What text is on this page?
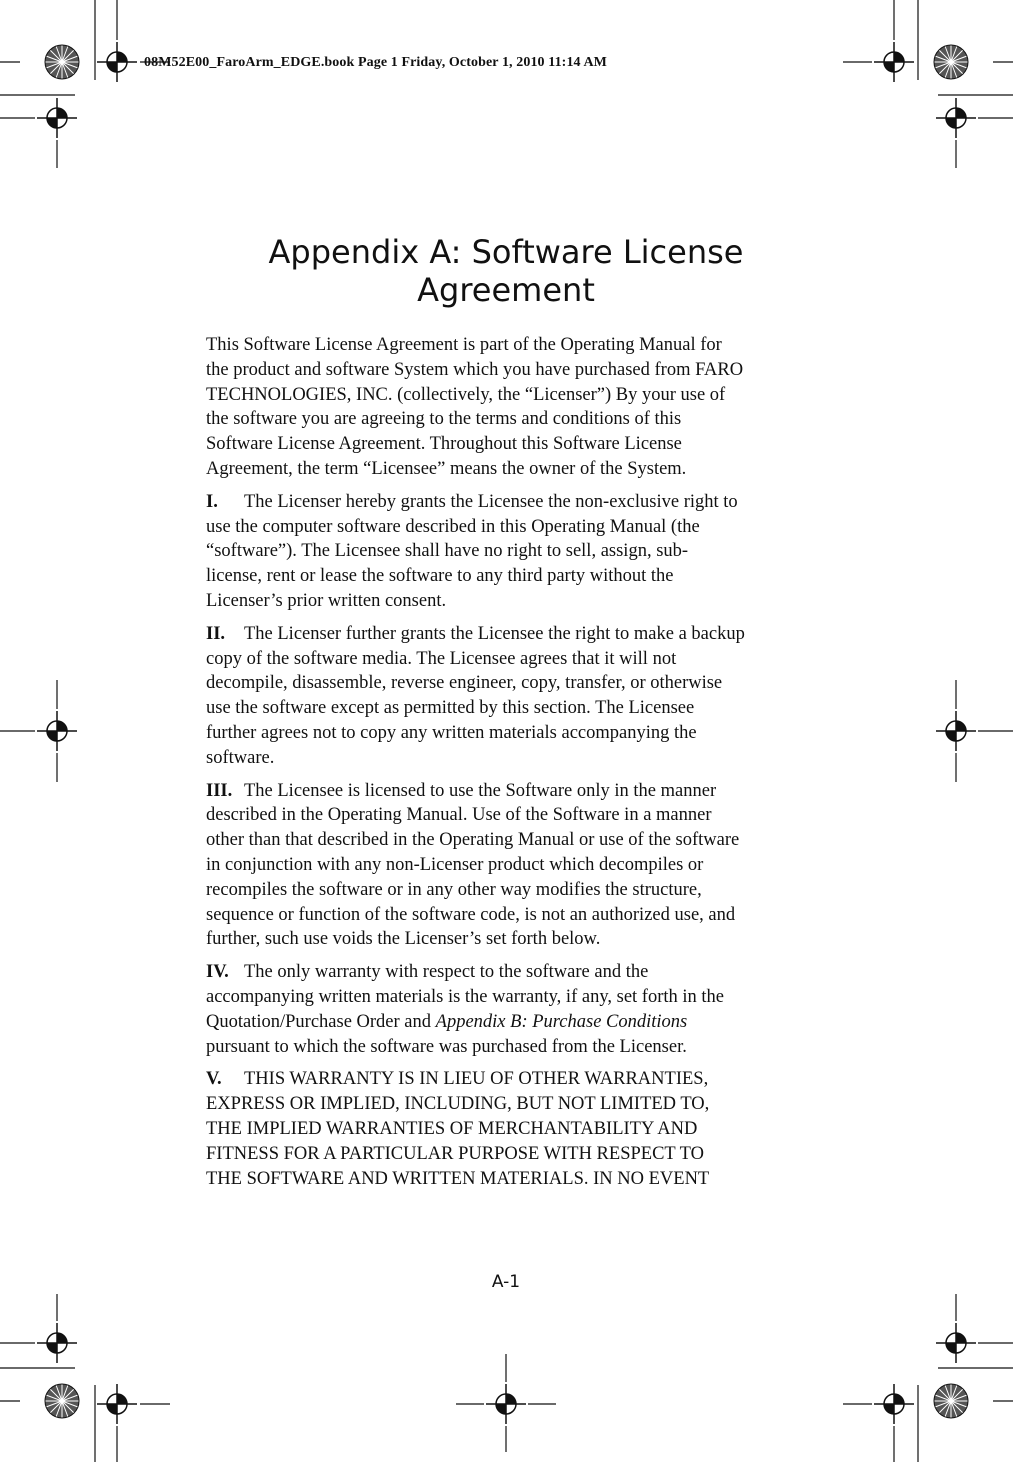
08M52E00_FaroArm_EDGE.book Page 1 Friday, October 1, 2010 11:14 AM
Appendix A: Software License
Agreement

This Software License Agreement is part of the Operating Manual for
the product and software System which you have purchased from FARO
TECHNOLOGIES, INC. (collectively, the “Licenser”) By your use of
the software you are agreeing to the terms and conditions of this
Software License Agreement. Throughout this Software License
Agreement, the term “Licensee” means the owner of the System.

I. The Licenser hereby grants the Licensee the non-exclusive right to
use the computer software described in this Operating Manual (the
“software”). The Licensee shall have no right to sell, assign, sub-
license, rent or lease the software to any third party without the
Licenser’s prior written consent.

II. The Licenser further grants the Licensee the right to make a backup
copy of the software media. The Licensee agrees that it will not
decompile, disassemble, reverse engineer, copy, transfer, or otherwise
use the software except as permitted by this section. The Licensee
further agrees not to copy any written materials accompanying the
software.

III. The Licensee is licensed to use the Software only in the manner
described in the Operating Manual. Use of the Software in a manner
other than that described in the Operating Manual or use of the software
in conjunction with any non-Licenser product which decompiles or
recompiles the software or in any other way modifies the structure,
sequence or function of the software code, is not an authorized use, and
further, such use voids the Licenser’s set forth below.

IV. The only warranty with respect to the software and the
accompanying written materials is the warranty, if any, set forth in the
Quotation/Purchase Order and Appendix B: Purchase Conditions
pursuant to which the software was purchased from the Licenser.

V. THIS WARRANTY IS IN LIEU OF OTHER WARRANTIES,
EXPRESS OR IMPLIED, INCLUDING, BUT NOT LIMITED TO,
THE IMPLIED WARRANTIES OF MERCHANTABILITY AND
FITNESS FOR A PARTICULAR PURPOSE WITH RESPECT TO
THE SOFTWARE AND WRITTEN MATERIALS. IN NO EVENT

A-1
